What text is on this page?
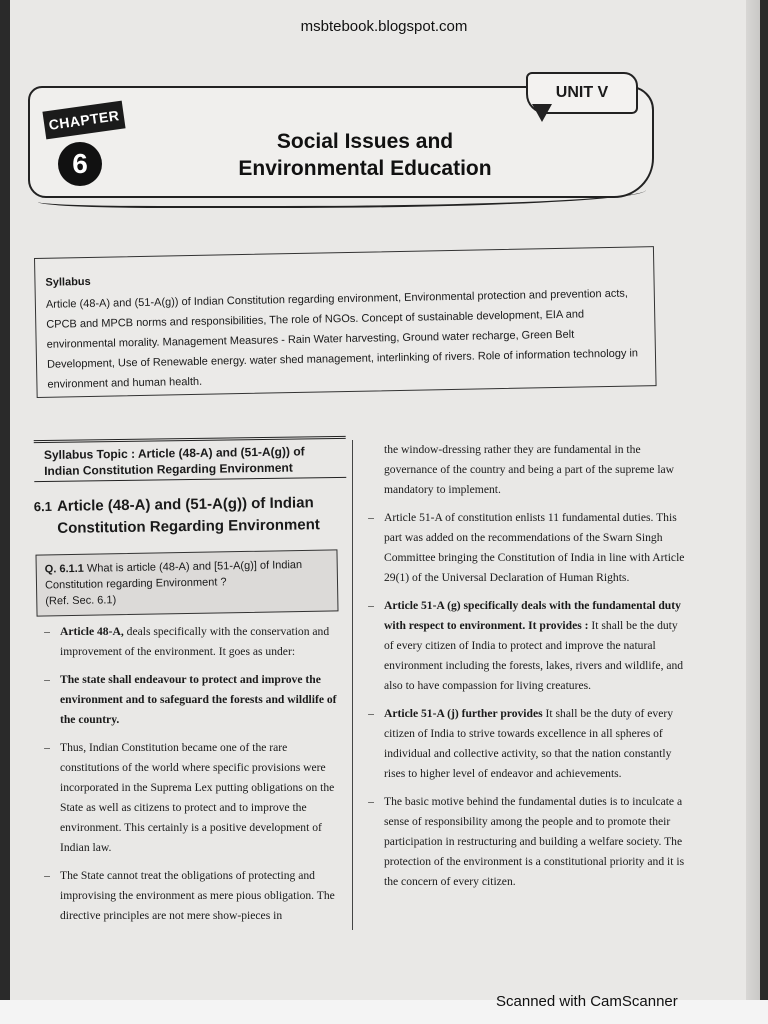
msbtebook.blogspot.com
CHAPTER
6
UNIT V
Social Issues and
Environmental Education
Syllabus
Article (48-A) and (51-A(g)) of Indian Constitution regarding environment, Environmental protection and prevention acts, CPCB and MPCB norms and responsibilities, The role of NGOs. Concept of sustainable development, EIA and environmental morality. Management Measures - Rain Water harvesting, Ground water recharge, Green Belt Development, Use of Renewable energy. water shed management, interlinking of rivers. Role of information technology in environment and human health.
Syllabus Topic : Article (48-A) and (51-A(g)) of
Indian Constitution Regarding Environment
6.1 Article (48-A) and (51-A(g)) of Indian Constitution Regarding Environment
Q. 6.1.1 What is article (48-A) and [51-A(g)] of Indian Constitution regarding Environment ?
(Ref. Sec. 6.1)
– Article 48-A, deals specifically with the conservation and improvement of the environment. It goes as under:
– The state shall endeavour to protect and improve the environment and to safeguard the forests and wildlife of the country.
– Thus, Indian Constitution became one of the rare constitutions of the world where specific provisions were incorporated in the Suprema Lex putting obligations on the State as well as citizens to protect and to improve the environment. This certainly is a positive development of Indian law.
– The State cannot treat the obligations of protecting and improvising the environment as mere pious obligation. The directive principles are not mere show-pieces in
the window-dressing rather they are fundamental in the governance of the country and being a part of the supreme law mandatory to implement.
– Article 51-A of constitution enlists 11 fundamental duties. This part was added on the recommendations of the Swarn Singh Committee bringing the Constitution of India in line with Article 29(1) of the Universal Declaration of Human Rights.
– Article 51-A (g) specifically deals with the fundamental duty with respect to environment. It provides : It shall be the duty of every citizen of India to protect and improve the natural environment including the forests, lakes, rivers and wildlife, and also to have compassion for living creatures.
– Article 51-A (j) further provides It shall be the duty of every citizen of India to strive towards excellence in all spheres of individual and collective activity, so that the nation constantly rises to higher level of endeavor and achievements.
– The basic motive behind the fundamental duties is to inculcate a sense of responsibility among the people and to promote their participation in restructuring and building a welfare society. The protection of the environment is a constitutional priority and it is the concern of every citizen.
Scanned with CamScanner
